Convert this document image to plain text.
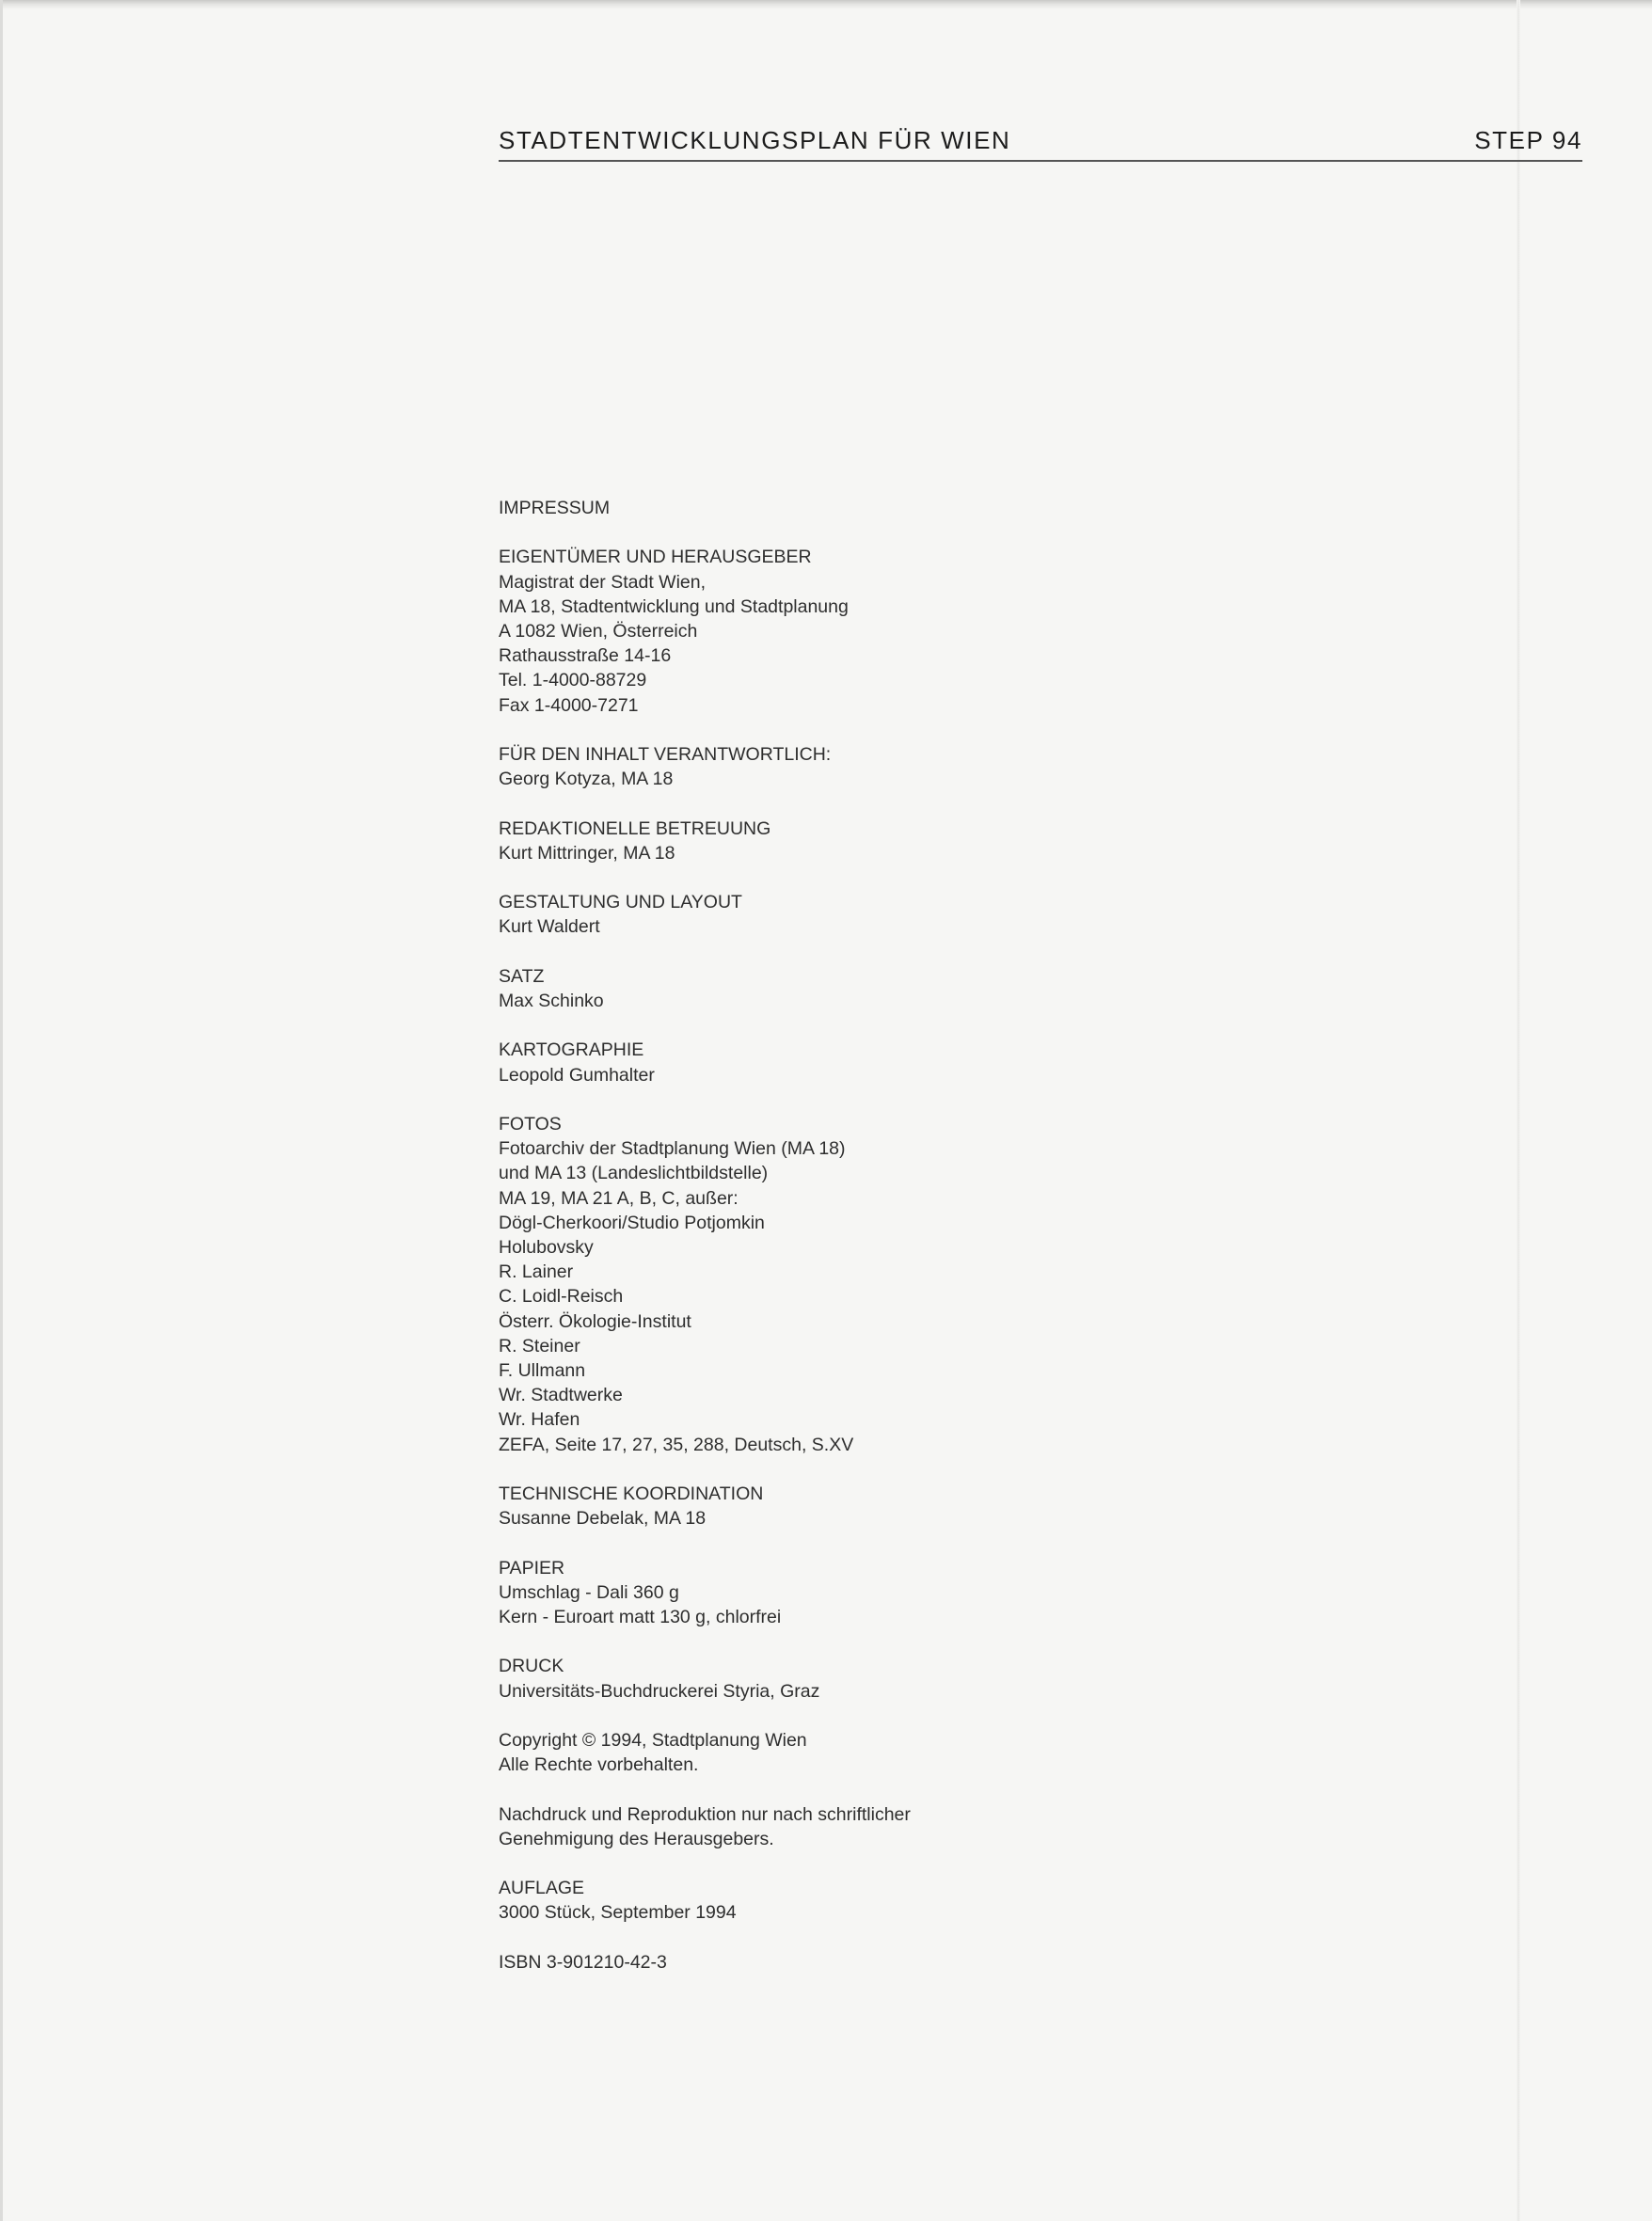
STADTENTWICKLUNGSPLAN FÜR WIEN	STEP 94
IMPRESSUM
EIGENTÜMER UND HERAUSGEBER
Magistrat der Stadt Wien,
MA 18, Stadtentwicklung und Stadtplanung
A 1082 Wien, Österreich
Rathausstraße 14-16
Tel. 1-4000-88729
Fax 1-4000-7271
FÜR DEN INHALT VERANTWORTLICH:
Georg Kotyza, MA 18
REDAKTIONELLE BETREUUNG
Kurt Mittringer, MA 18
GESTALTUNG UND LAYOUT
Kurt Waldert
SATZ
Max Schinko
KARTOGRAPHIE
Leopold Gumhalter
FOTOS
Fotoarchiv der Stadtplanung Wien (MA 18)
und MA 13 (Landeslichtbildstelle)
MA 19, MA 21 A, B, C, außer:
Dögl-Cherkoori/Studio Potjomkin
Holubovsky
R. Lainer
C. Loidl-Reisch
Österr. Ökologie-Institut
R. Steiner
F. Ullmann
Wr. Stadtwerke
Wr. Hafen
ZEFA, Seite 17, 27, 35, 288, Deutsch, S.XV
TECHNISCHE KOORDINATION
Susanne Debelak, MA 18
PAPIER
Umschlag - Dali 360 g
Kern - Euroart matt 130 g, chlorfrei
DRUCK
Universitäts-Buchdruckerei Styria, Graz
Copyright © 1994, Stadtplanung Wien
Alle Rechte vorbehalten.
Nachdruck und Reproduktion nur nach schriftlicher
Genehmigung des Herausgebers.
AUFLAGE
3000 Stück, September 1994
ISBN 3-901210-42-3
